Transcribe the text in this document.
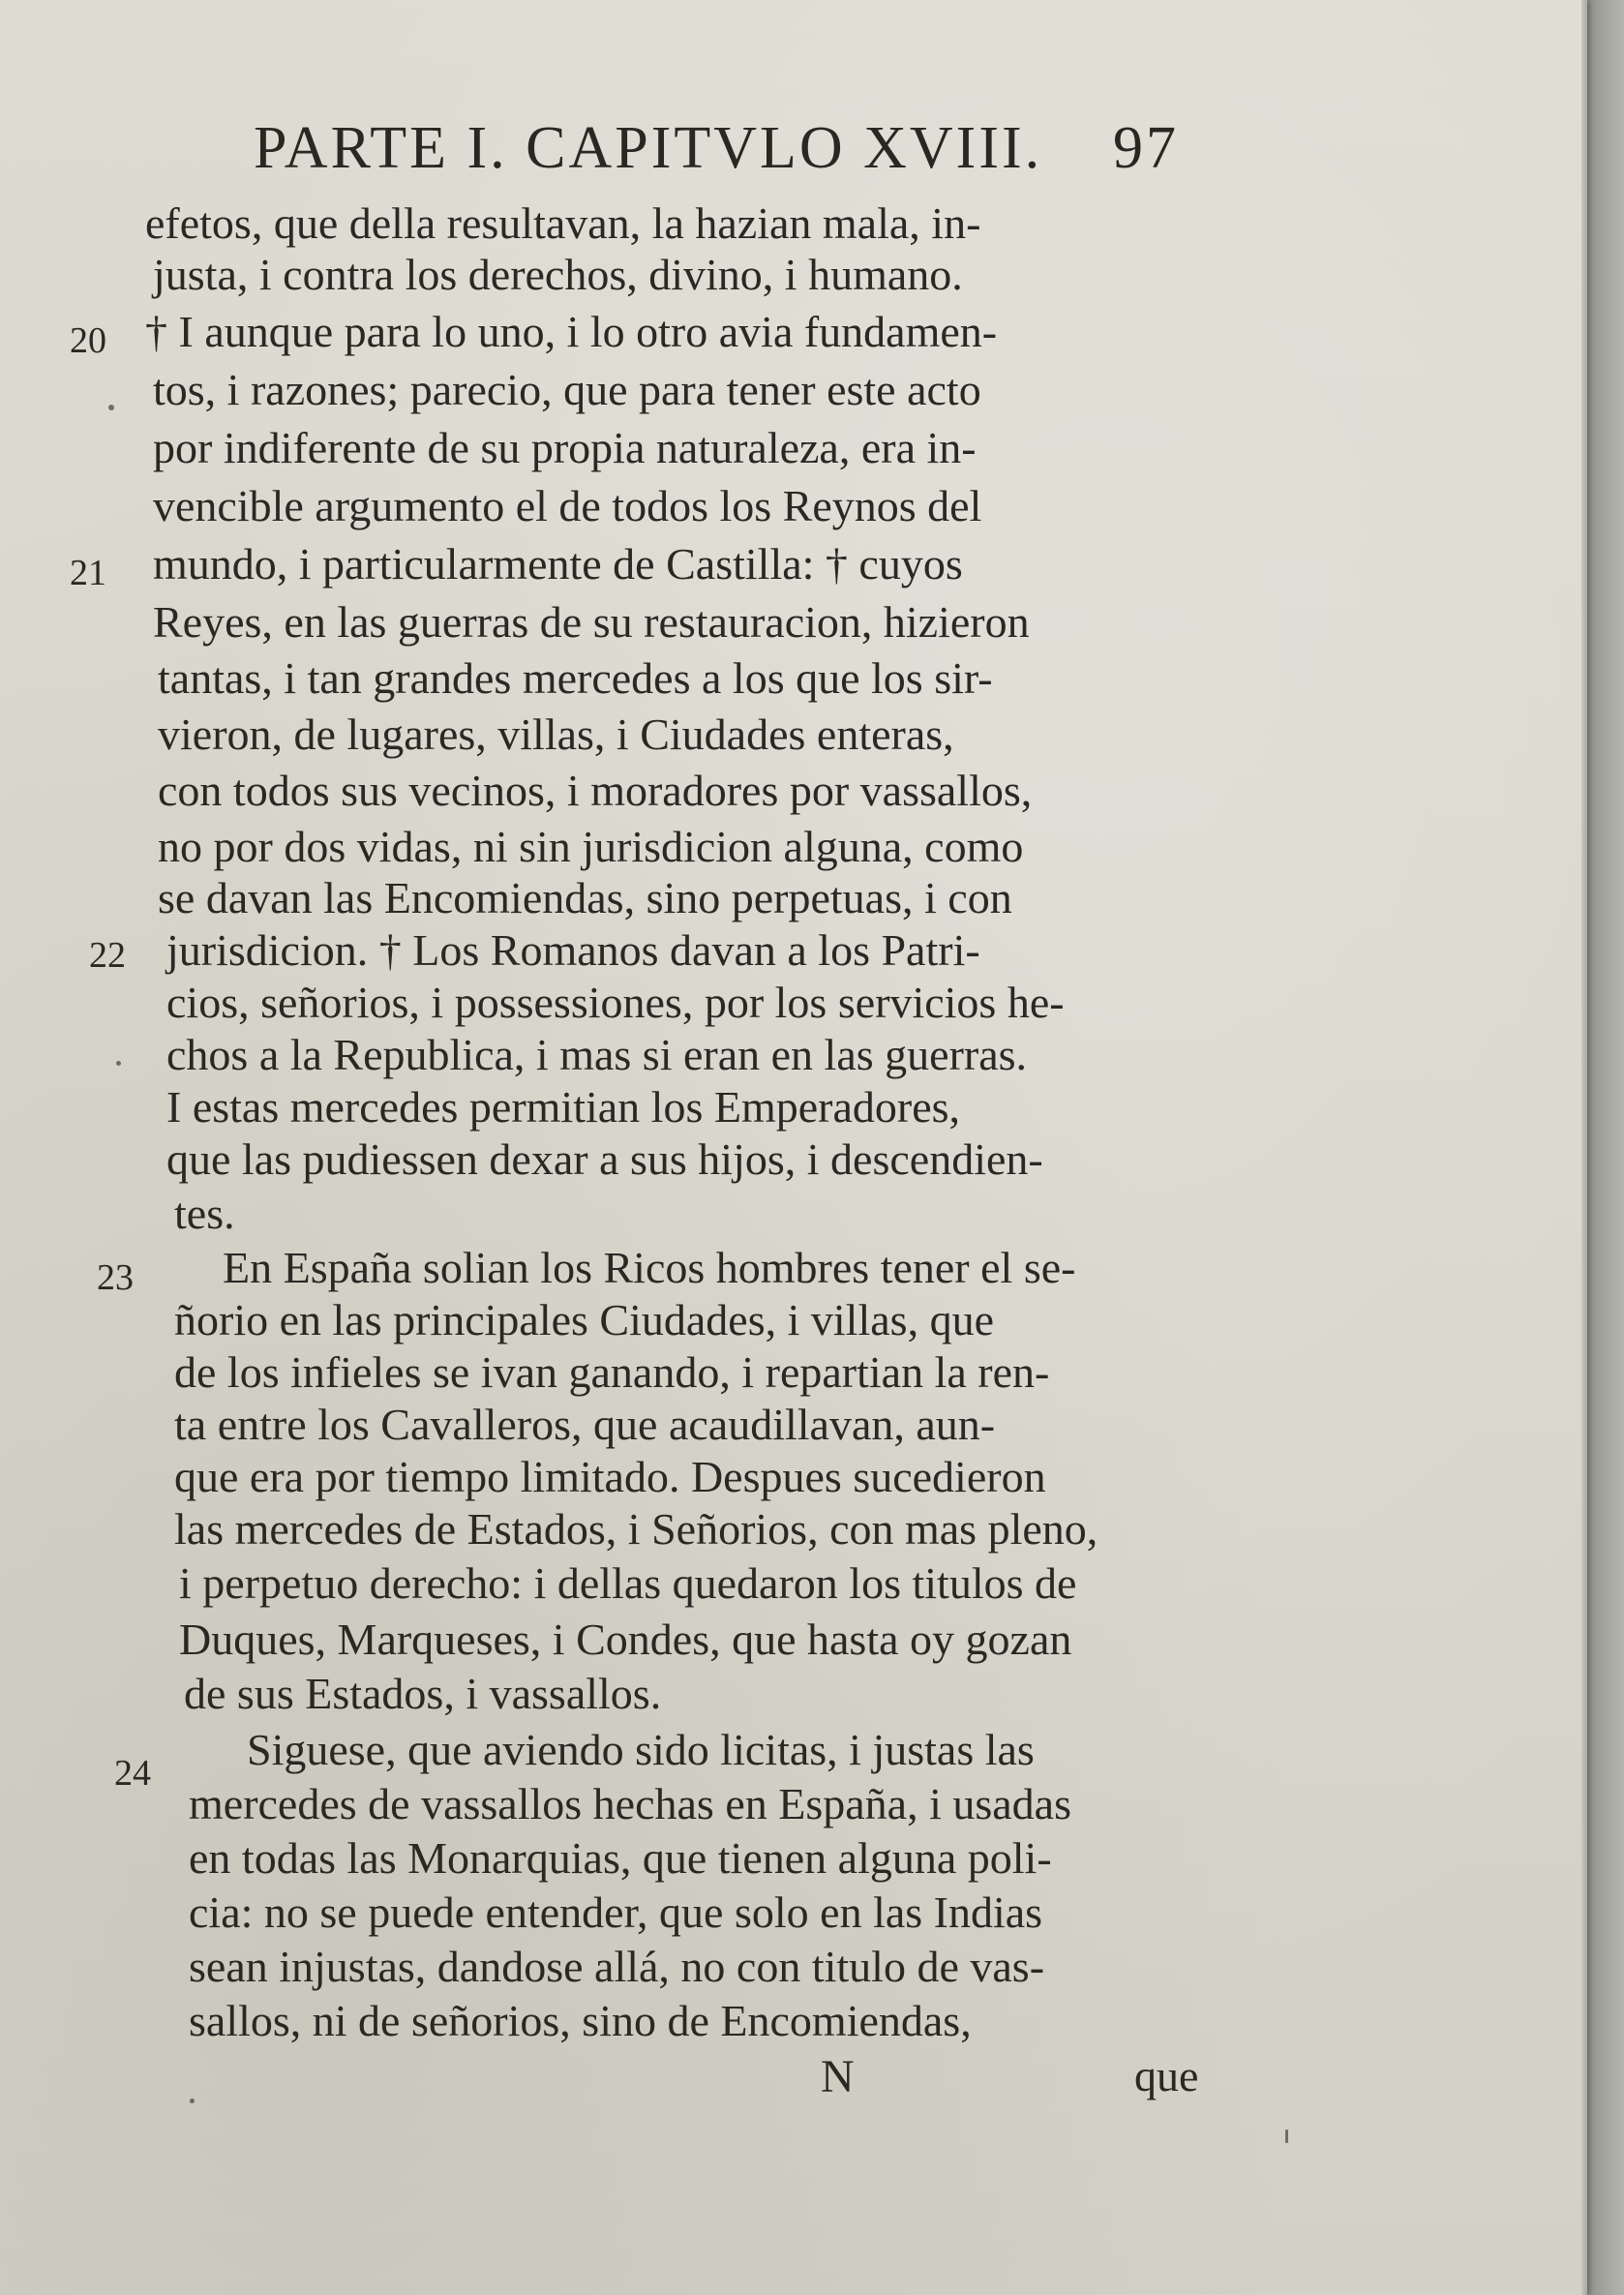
PARTE I. CAPITVLO XVIII. 97
efetos, que della resultavan, la hazian mala, in-
justa, i contra los derechos, divino, i humano.
† I aunque para lo uno, i lo otro avia fundamen-
tos, i razones; parecio, que para tener este acto
por indiferente de su propia naturaleza, era in-
vencible argumento el de todos los Reynos del
mundo, i particularmente de Castilla: † cuyos
Reyes, en las guerras de su restauracion, hizieron
tantas, i tan grandes mercedes a los que los sir-
vieron, de lugares, villas, i Ciudades enteras,
con todos sus vecinos, i moradores por vassallos,
no por dos vidas, ni sin jurisdicion alguna, como
se davan las Encomiendas, sino perpetuas, i con
jurisdicion. † Los Romanos davan a los Patri-
cios, señorios, i possessiones, por los servicios he-
chos a la Republica, i mas si eran en las guerras.
I estas mercedes permitian los Emperadores,
que las pudiessen dexar a sus hijos, i descendien-
tes.
En España solian los Ricos hombres tener el se-
ñorio en las principales Ciudades, i villas, que
de los infieles se ivan ganando, i repartian la ren-
ta entre los Cavalleros, que acaudillavan, aun-
que era por tiempo limitado. Despues sucedieron
las mercedes de Estados, i Señorios, con mas pleno,
i perpetuo derecho: i dellas quedaron los titulos de
Duques, Marqueses, i Condes, que hasta oy gozan
de sus Estados, i vassallos.
Siguese, que aviendo sido licitas, i justas las
mercedes de vassallos hechas en España, i usadas
en todas las Monarquias, que tienen alguna poli-
cia: no se puede entender, que solo en las Indias
sean injustas, dandose allá, no con titulo de vas-
sallos, ni de señorios, sino de Encomiendas,
20
21
22
23
24
N	que
